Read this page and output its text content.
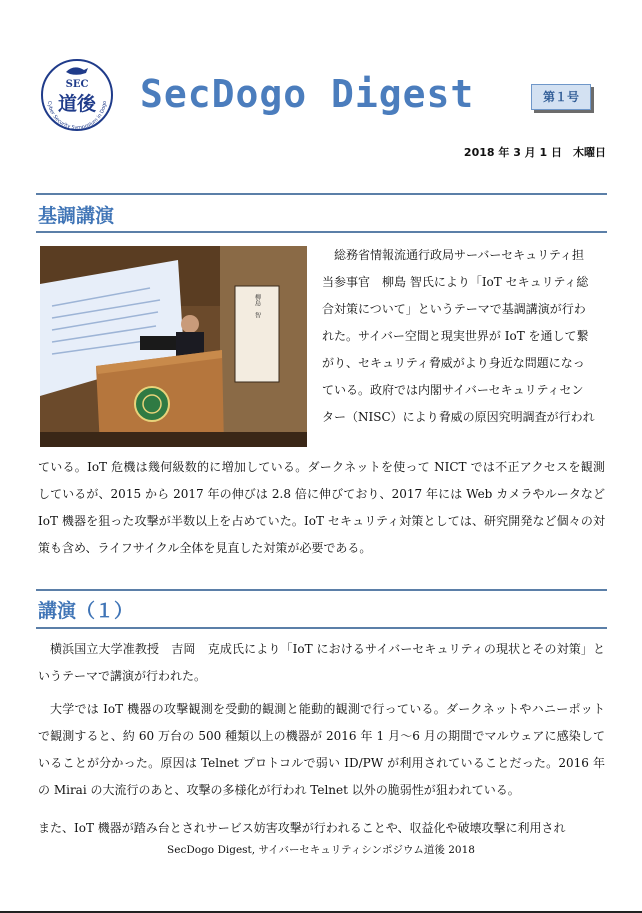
SEC
道後
Cyber Security Symposium in Dogo SecDogo Digest	第１号
2018 年 3 月 1 日　木曜日
基調講演
柳島　智

総務省情報流通行政局サーバーセキュリティ担
当参事官　柳島 智氏により「IoT セキュリティ総
合対策について」というテーマで基調講演が行わ
れた。サイバー空間と現実世界が IoT を通して繋
がり、セキュリティ脅威がより身近な問題になっ
ている。政府では内閣サイバーセキュリティセン
ター（NISC）により脅威の原因究明調査が行われ

ている。IoT 危機は幾何級数的に増加している。ダークネットを使って NICT では不正アクセスを観測しているが、2015 から 2017 年の伸びは 2.8 倍に伸びており、2017 年には Web カメラやルータなど IoT 機器を狙った攻撃が半数以上を占めていた。IoT セキュリティ対策としては、研究開発など個々の対策も含め、ライフサイクル全体を見直した対策が必要である。

講演（１）

横浜国立大学准教授　吉岡　克成氏により「IoT におけるサイバーセキュリティの現状とその対策」というテーマで講演が行われた。

大学では IoT 機器の攻撃観測を受動的観測と能動的観測で行っている。ダークネットやハニーポットで観測すると、約 60 万台の 500 種類以上の機器が 2016 年 1 月～6 月の期間でマルウェアに感染していることが分かった。原因は Telnet プロトコルで弱い ID/PW が利用されていることだった。2016 年の Mirai の大流行のあと、攻撃の多様化が行われ Telnet 以外の脆弱性が狙われている。

また、IoT 機器が踏み台とされサービス妨害攻撃が行われることや、収益化や破壊攻撃に利用され

SecDogo Digest, サイバーセキュリティシンポジウム道後 2018
